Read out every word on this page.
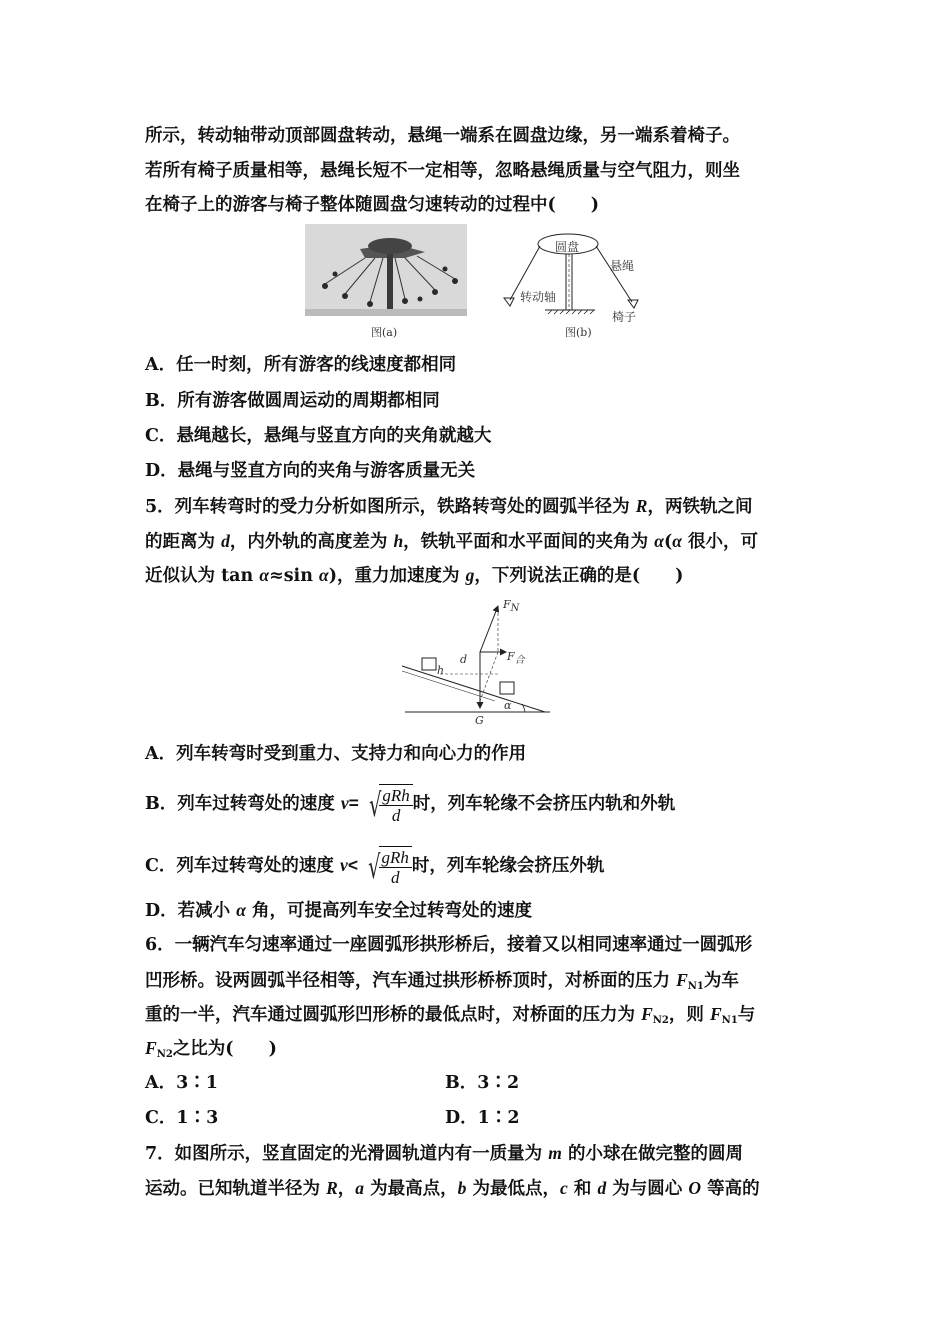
所示，转动轴带动顶部圆盘转动，悬绳一端系在圆盘边缘，另一端系着椅子。
若所有椅子质量相等，悬绳长短不一定相等，忽略悬绳质量与空气阻力，则坐
在椅子上的游客与椅子整体随圆盘匀速转动的过程中(　　)
图(a)
圆盘
悬绳
转动轴
椅子
图(b)
A．任一时刻，所有游客的线速度都相同
B．所有游客做圆周运动的周期都相同
C．悬绳越长，悬绳与竖直方向的夹角就越大
D．悬绳与竖直方向的夹角与游客质量无关
5．列车转弯时的受力分析如图所示，铁路转弯处的圆弧半径为 R，两铁轨之间
的距离为 d，内外轨的高度差为 h，铁轨平面和水平面间的夹角为 α(α 很小，可
近似认为 tan α≈sin α)，重力加速度为 g，下列说法正确的是(　　)
$F_N$
$F_合$
d
h
G
α
A．列车转弯时受到重力、支持力和向心力的作用
B．列车过转弯处的速度 v= √
$\frac{\text{gRh}}{d}$ 时，列车轮缘不会挤压内轨和外轨
C．列车过转弯处的速度 v< √
$\frac{\text{gRh}}{d}$ 时，列车轮缘会挤压外轨
D．若减小 α 角，可提高列车安全过转弯处的速度
6．一辆汽车匀速率通过一座圆弧形拱形桥后，接着又以相同速率通过一圆弧形
凹形桥。设两圆弧半径相等，汽车通过拱形桥桥顶时，对桥面的压力 $F_{N1}$为车
重的一半，汽车通过圆弧形凹形桥的最低点时，对桥面的压力为 $F_{N2}$，则 $F_{N1}$与
$F_{N2}$之比为(　　)
A．3∶1	B．3∶2
C．1∶3	D．1∶2
7．如图所示，竖直固定的光滑圆轨道内有一质量为 m 的小球在做完整的圆周
运动。已知轨道半径为 R，a 为最高点，b 为最低点，c 和 d 为与圆心 O 等高的
